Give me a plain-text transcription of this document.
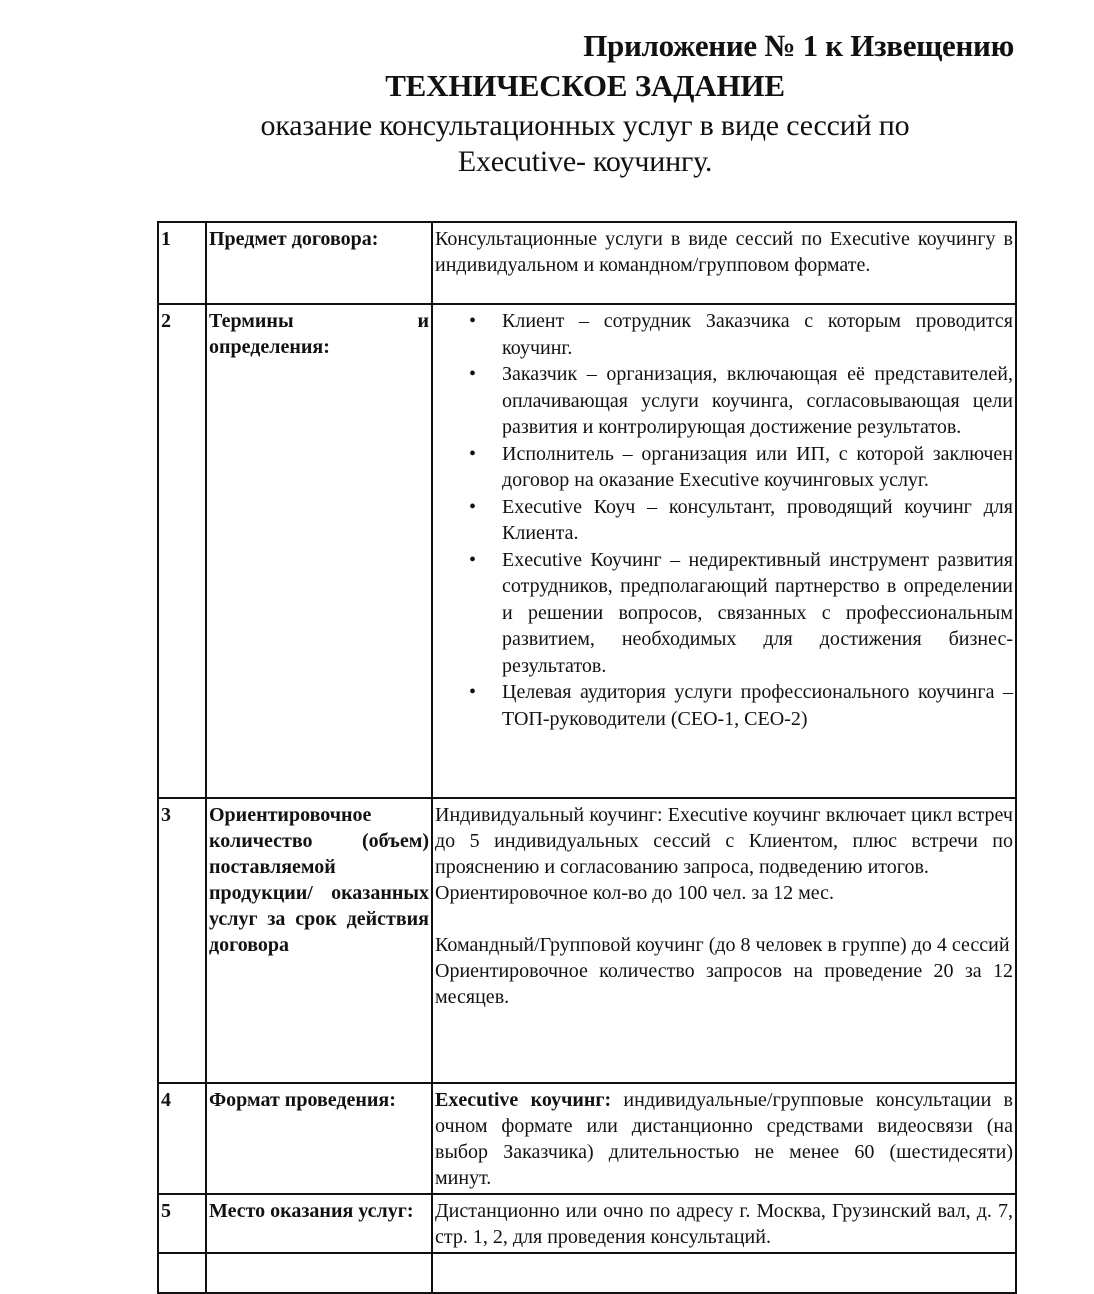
Приложение № 1 к Извещению
ТЕХНИЧЕСКОЕ ЗАДАНИЕ
оказание консультационных услуг в виде сессий по
Executive- коучингу.
1	Предмет договора:	Консультационные услуги в виде сессий по Executive коучингу в индивидуальном и командном/групповом формате.
2	Термины и определения:	
• Клиент – сотрудник Заказчика с которым проводится коучинг.
• Заказчик – организация, включающая её представителей, оплачивающая услуги коучинга, согласовывающая цели развития и контролирующая достижение результатов.
• Исполнитель – организация или ИП, с которой заключен договор на оказание Executive коучинговых услуг.
• Executive Коуч – консультант, проводящий коучинг для Клиента.
• Executive Коучинг – недирективный инструмент развития сотрудников, предполагающий партнерство в определении и решении вопросов, связанных с профессиональным развитием, необходимых для достижения бизнес-результатов.
• Целевая аудитория услуги профессионального коучинга – ТОП-руководители (СЕО-1, СЕО-2)

3	Ориентировочное количество (объем) поставляемой продукции/ оказанных услуг за срок действия договора	Индивидуальный коучинг: Executive коучинг включает цикл встреч до 5 индивидуальных сессий с Клиентом, плюс встречи по прояснению и согласованию запроса, подведению итогов.

Ориентировочное кол-во до 100 чел. за 12 мес.

Командный/Групповой коучинг (до 8 человек в группе) до 4 сессий

Ориентировочное количество запросов на проведение 20 за 12 месяцев.

4	Формат проведения:	Executive коучинг: индивидуальные/групповые консультации в очном формате или дистанционно средствами видеосвязи (на выбор Заказчика) длительностью не менее 60 (шестидесяти) минут.
5	Место оказания услуг:	Дистанционно или очно по адресу г. Москва, Грузинский вал, д. 7, стр. 1, 2, для проведения консультаций.
